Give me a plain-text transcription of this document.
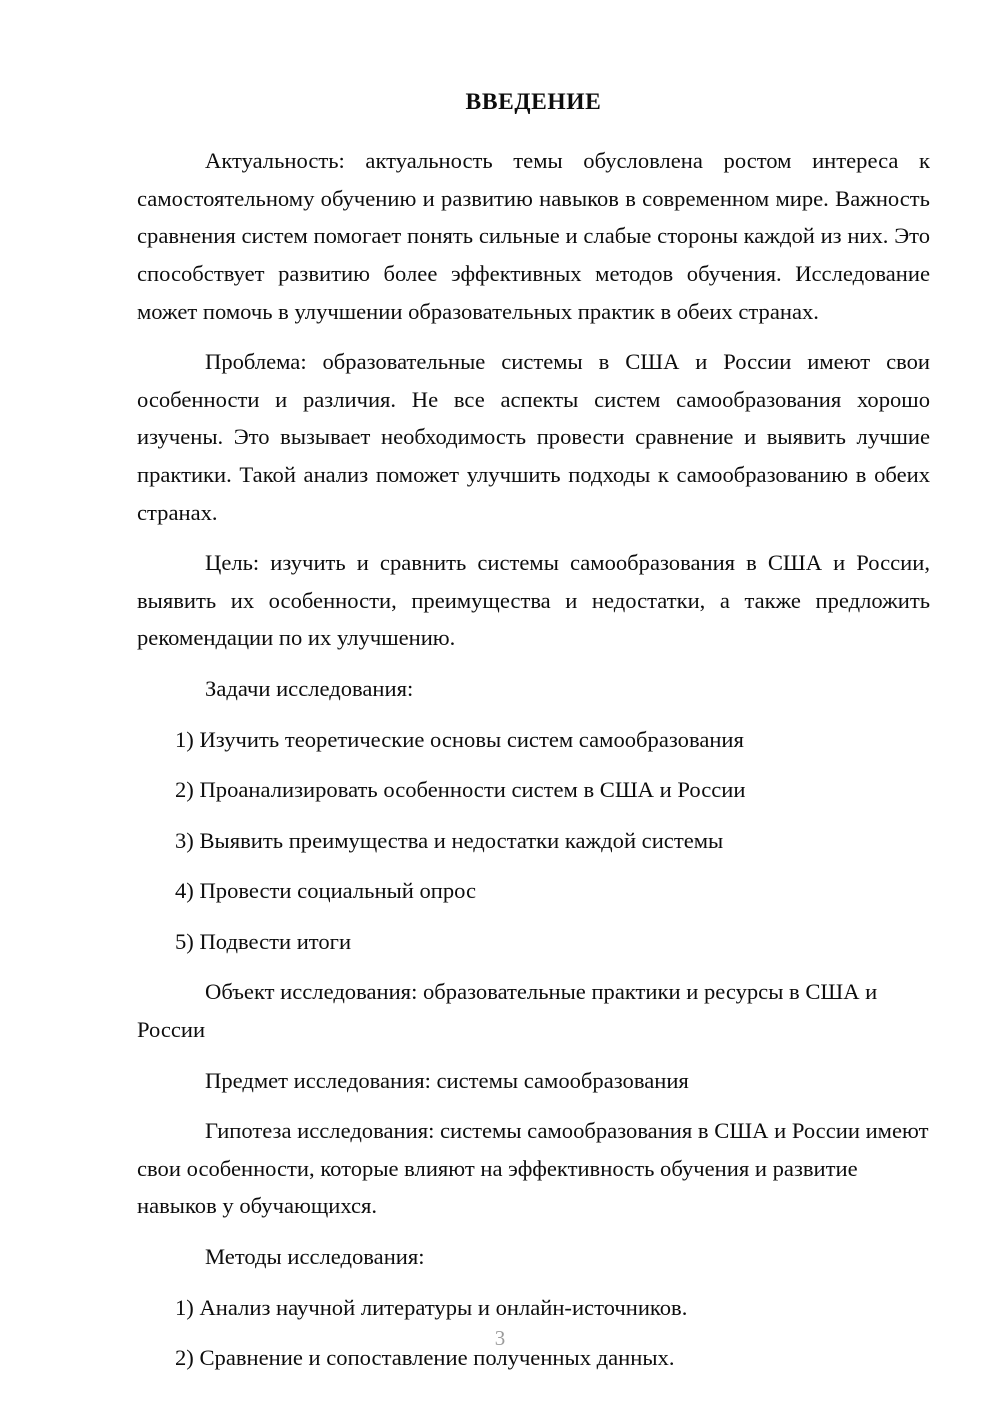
ВВЕДЕНИЕ

Актуальность: актуальность темы обусловлена ростом интереса к самостоятельному обучению и развитию навыков в современном мире. Важность сравнения систем помогает понять сильные и слабые стороны каждой из них. Это способствует развитию более эффективных методов обучения. Исследование может помочь в улучшении образовательных практик в обеих странах.

Проблема: образовательные системы в США и России имеют свои особенности и различия. Не все аспекты систем самообразования хорошо изучены. Это вызывает необходимость провести сравнение и выявить лучшие практики. Такой анализ поможет улучшить подходы к самообразованию в обеих странах.

Цель: изучить и сравнить системы самообразования в США и России, выявить их особенности, преимущества и недостатки, а также предложить рекомендации по их улучшению.

Задачи исследования:

1) Изучить теоретические основы систем самообразования
2) Проанализировать особенности систем в США и России
3) Выявить преимущества и недостатки каждой системы
4) Провести социальный опрос
5) Подвести итоги

Объект исследования: образовательные практики и ресурсы в США и России

Предмет исследования: системы самообразования

Гипотеза исследования: системы самообразования в США и России имеют свои особенности, которые влияют на эффективность обучения и развитие навыков у обучающихся.

Методы исследования:

1) Анализ научной литературы и онлайн-источников.
2) Сравнение и сопоставление полученных данных.
3
